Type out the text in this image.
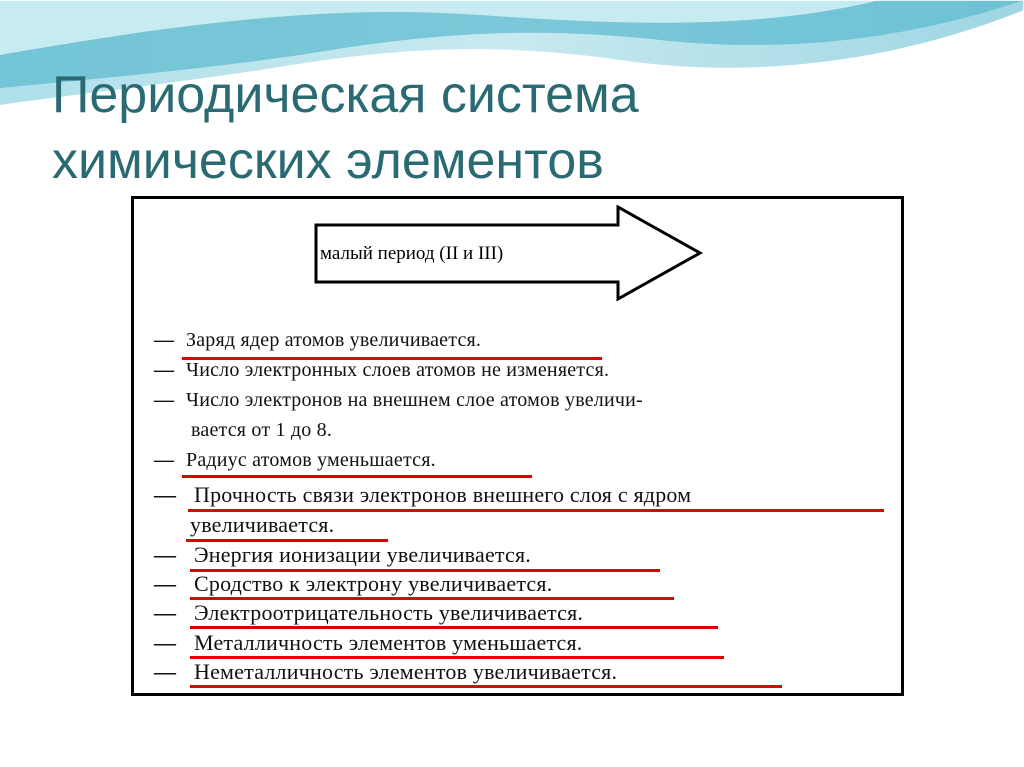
Периодическая система
химических элементов
малый период (II и III)
— Заряд ядер атомов увеличивается.
— Число электронных слоев атомов не изменяется.
— Число электронов на внешнем слое атомов увеличи-
вается от 1 до 8.
— Радиус атомов уменьшается.
— Прочность связи электронов внешнего слоя с ядром
увеличивается.
— Энергия ионизации увеличивается.
— Сродство к электрону увеличивается.
— Электроотрицательность увеличивается.
— Металличность элементов уменьшается.
— Неметалличность элементов увеличивается.
